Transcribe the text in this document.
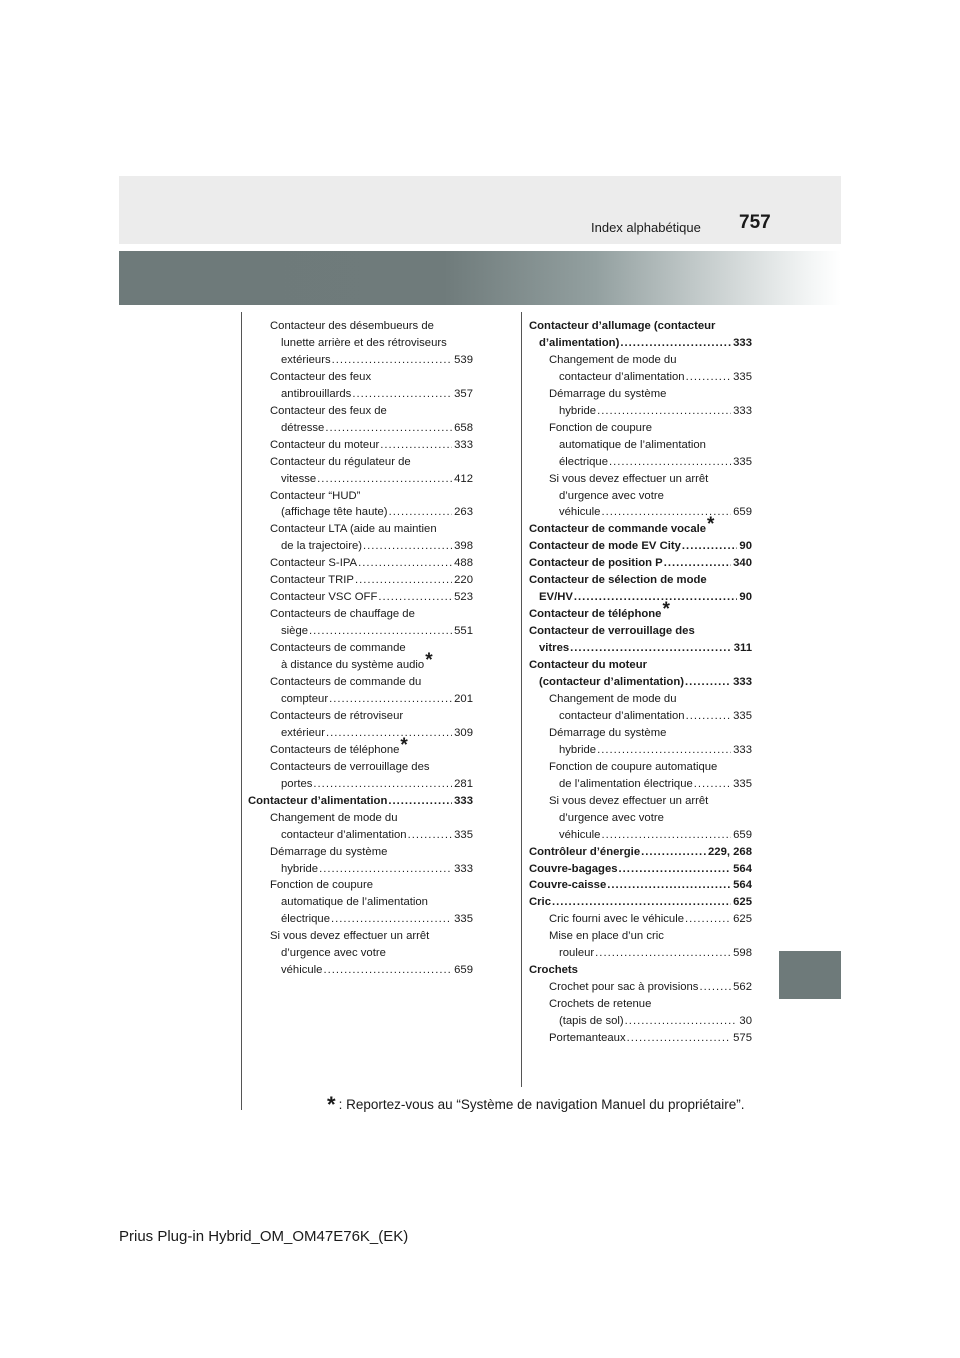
757
Index alphabétique
Contacteur des désembueurs de
lunette arrière et des rétroviseurs
extérieurs .....	539
Contacteur des feux
antibrouillards .....	357
Contacteur des feux de
détresse .....	658
Contacteur du moteur .....	333
Contacteur du régulateur de
vitesse .....	412
Contacteur “HUD”
(affichage tête haute) .....	263
Contacteur LTA (aide au maintien
de la trajectoire) .....	398
Contacteur S-IPA .....	488
Contacteur TRIP .....	220
Contacteur VSC OFF .....	523
Contacteurs de chauffage de
siège .....	551
Contacteurs de commande
à distance du système audio*
Contacteurs de commande du
compteur .....	201
Contacteurs de rétroviseur
extérieur .....	309
Contacteurs de téléphone*
Contacteurs de verrouillage des
portes .....	281
Contacteur d’alimentation .....	333
Changement de mode du
contacteur d’alimentation .....	335
Démarrage du système
hybride .....	333
Fonction de coupure
automatique de l’alimentation
électrique .....	335
Si vous devez effectuer un arrêt
d’urgence avec votre
véhicule .....	659
Contacteur d’allumage (contacteur
d’alimentation) .....	333
Changement de mode du
contacteur d’alimentation .....	335
Démarrage du système
hybride .....	333
Fonction de coupure
automatique de l’alimentation
électrique .....	335
Si vous devez effectuer un arrêt
d’urgence avec votre
véhicule .....	659
Contacteur de commande vocale*
Contacteur de mode EV City .....	90
Contacteur de position P .....	340
Contacteur de sélection de mode
EV/HV .....	90
Contacteur de téléphone*
Contacteur de verrouillage des
vitres .....	311
Contacteur du moteur
(contacteur d’alimentation) .....	333
Changement de mode du
contacteur d’alimentation .....	335
Démarrage du système
hybride .....	333
Fonction de coupure automatique
de l’alimentation électrique .....	335
Si vous devez effectuer un arrêt
d’urgence avec votre
véhicule .....	659
Contrôleur d’énergie .....	229, 268
Couvre-bagages .....	564
Couvre-caisse .....	564
Cric .....	625
Cric fourni avec le véhicule .....	625
Mise en place d’un cric
rouleur .....	598
Crochets
Crochet pour sac à provisions .....	562
Crochets de retenue
(tapis de sol) .....	30
Portemanteaux .....	575
* : Reportez-vous au “Système de navigation Manuel du propriétaire”.
Prius Plug-in Hybrid_OM_OM47E76K_(EK)
